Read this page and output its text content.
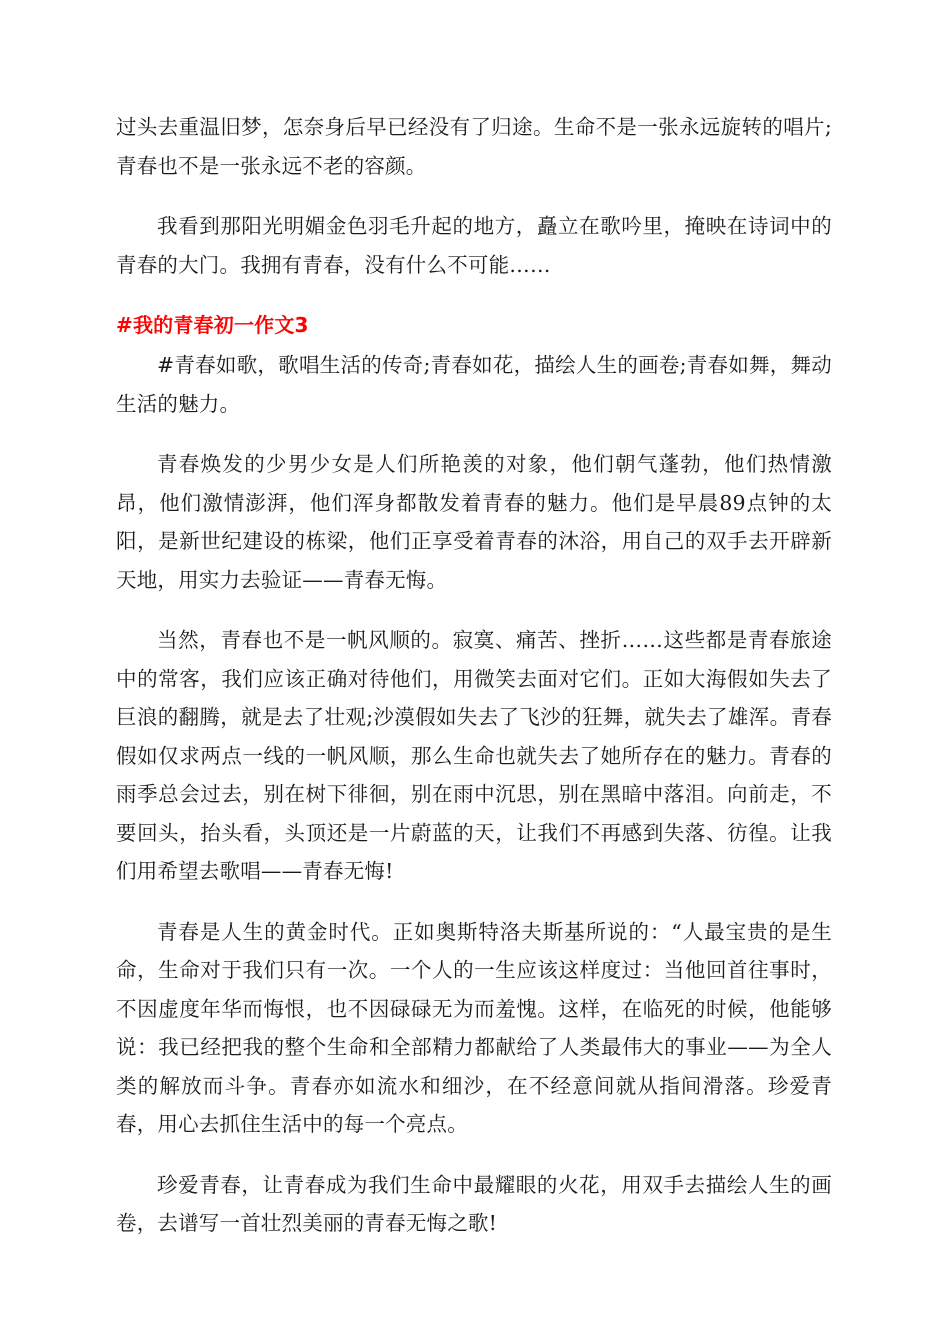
过头去重温旧梦，怎奈身后早已经没有了归途。生命不是一张永远旋转的唱片;青春也不是一张永远不老的容颜。

我看到那阳光明媚金色羽毛升起的地方，矗立在歌吟里，掩映在诗词中的青春的大门。我拥有青春，没有什么不可能……

#我的青春初一作文3

#青春如歌，歌唱生活的传奇;青春如花，描绘人生的画卷;青春如舞，舞动生活的魅力。

青春焕发的少男少女是人们所艳羡的对象，他们朝气蓬勃，他们热情激昂，他们激情澎湃，他们浑身都散发着青春的魅力。他们是早晨89点钟的太阳，是新世纪建设的栋梁，他们正享受着青春的沐浴，用自己的双手去开辟新天地，用实力去验证——青春无悔。

当然，青春也不是一帆风顺的。寂寞、痛苦、挫折……这些都是青春旅途中的常客，我们应该正确对待他们，用微笑去面对它们。正如大海假如失去了巨浪的翻腾，就是去了壮观;沙漠假如失去了飞沙的狂舞，就失去了雄浑。青春假如仅求两点一线的一帆风顺，那么生命也就失去了她所存在的魅力。青春的雨季总会过去，别在树下徘徊，别在雨中沉思，别在黑暗中落泪。向前走，不要回头，抬头看，头顶还是一片蔚蓝的天，让我们不再感到失落、彷徨。让我们用希望去歌唱——青春无悔!

青春是人生的黄金时代。正如奥斯特洛夫斯基所说的：“人最宝贵的是生命，生命对于我们只有一次。一个人的一生应该这样度过：当他回首往事时，不因虚度年华而悔恨，也不因碌碌无为而羞愧。这样，在临死的时候，他能够说：我已经把我的整个生命和全部精力都献给了人类最伟大的事业——为全人类的解放而斗争。青春亦如流水和细沙，在不经意间就从指间滑落。珍爱青春，用心去抓住生活中的每一个亮点。

珍爱青春，让青春成为我们生命中最耀眼的火花，用双手去描绘人生的画卷，去谱写一首壮烈美丽的青春无悔之歌!
